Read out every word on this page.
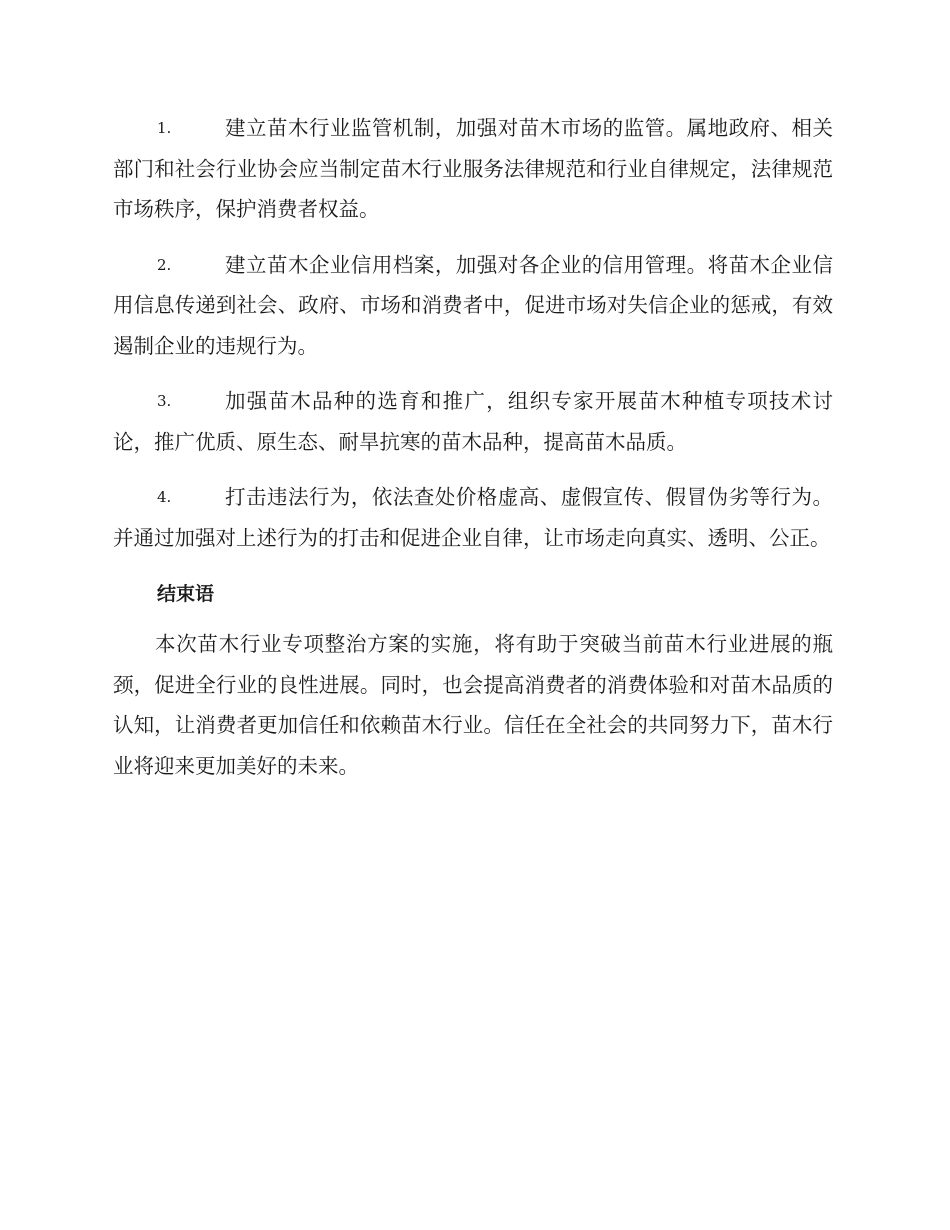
1.	建立苗木行业监管机制，加强对苗木市场的监管。属地政府、相关部门和社会行业协会应当制定苗木行业服务法律规范和行业自律规定，法律规范市场秩序，保护消费者权益。
2.	建立苗木企业信用档案，加强对各企业的信用管理。将苗木企业信用信息传递到社会、政府、市场和消费者中，促进市场对失信企业的惩戒，有效遏制企业的违规行为。
3.	加强苗木品种的选育和推广，组织专家开展苗木种植专项技术讨论，推广优质、原生态、耐旱抗寒的苗木品种，提高苗木品质。
4.	打击违法行为，依法查处价格虚高、虚假宣传、假冒伪劣等行为。并通过加强对上述行为的打击和促进企业自律，让市场走向真实、透明、公正。
结束语

本次苗木行业专项整治方案的实施，将有助于突破当前苗木行业进展的瓶颈，促进全行业的良性进展。同时，也会提高消费者的消费体验和对苗木品质的认知，让消费者更加信任和依赖苗木行业。信任在全社会的共同努力下，苗木行业将迎来更加美好的未来。
